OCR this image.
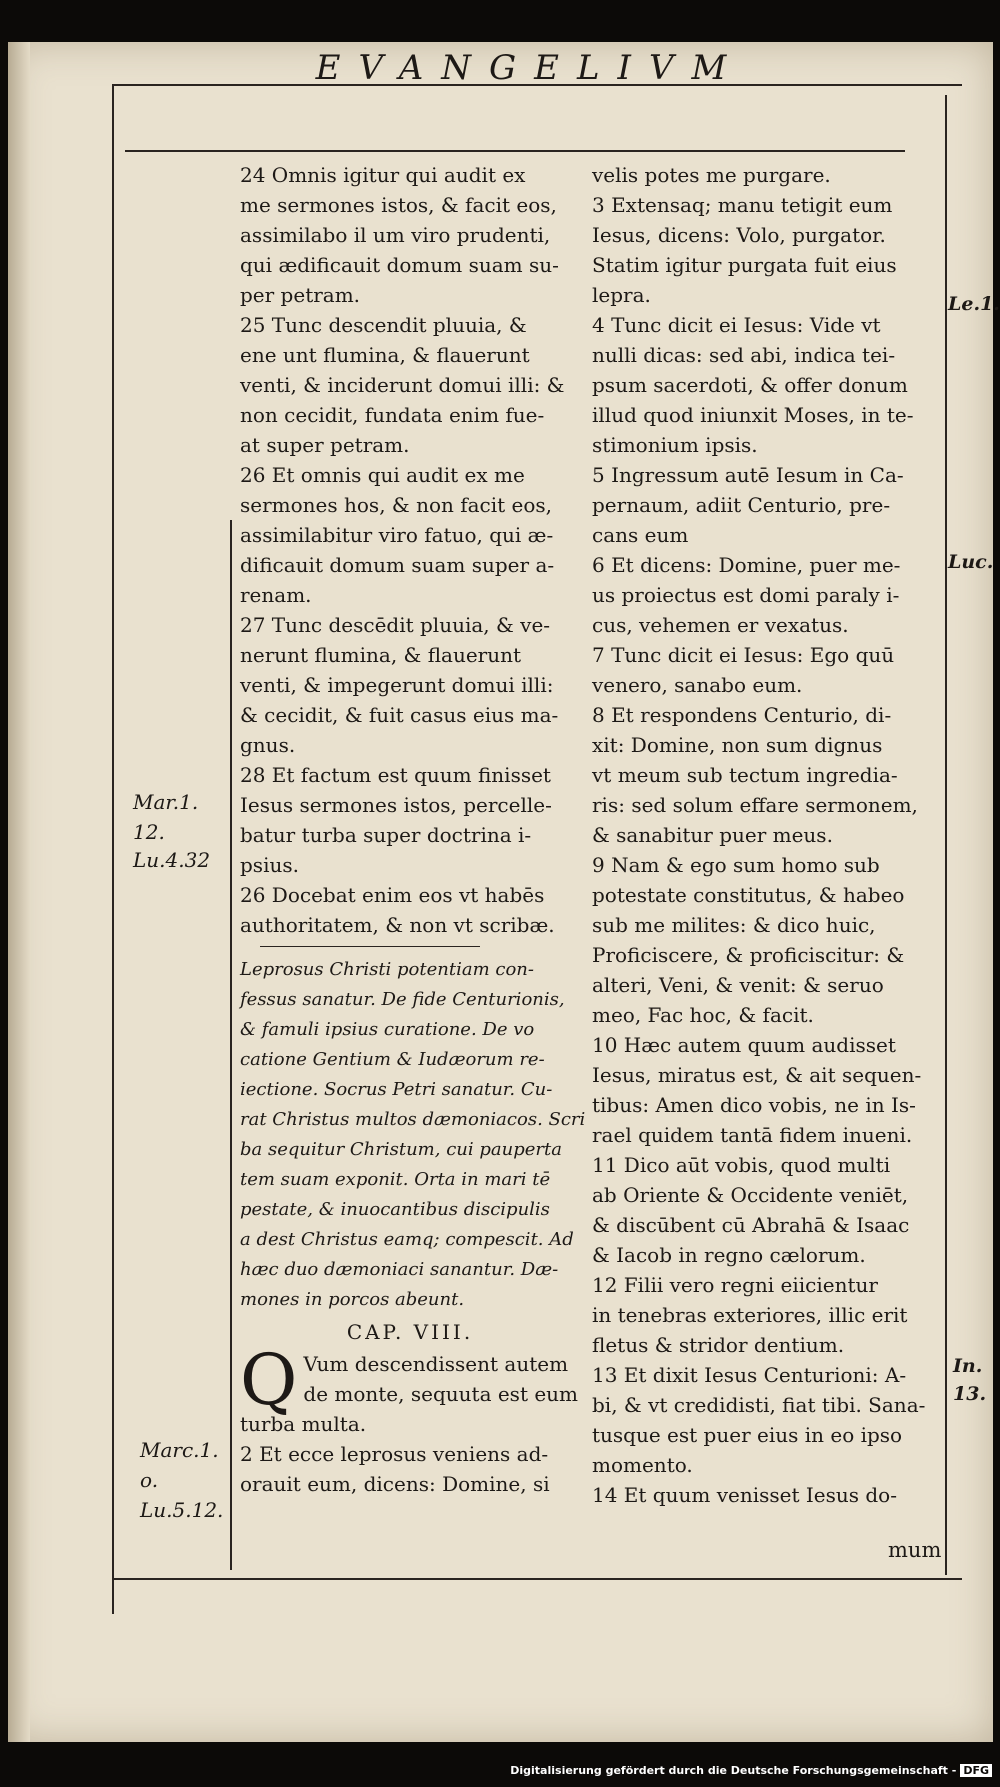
EVANGELIVM
Mar.1.
12.
Lu.4.32
Marc.1.
o.
Lu.5.12.
Le.1.
Luc.
In.
13.
24 Omnis igitur qui audit ex
me sermones istos, & facit eos,
assimilabo il um viro prudenti,
qui ædificauit domum suam su-
per petram.
25 Tunc descendit pluuia, &
ene unt flumina, & flauerunt
venti, & inciderunt domui illi: &
non cecidit, fundata enim fue-
at super petram.
26 Et omnis qui audit ex me
sermones hos, & non facit eos,
assimilabitur viro fatuo, qui æ-
dificauit domum suam super a-
renam.
27 Tunc descēdit pluuia, & ve-
nerunt flumina, & flauerunt
venti, & impegerunt domui illi:
& cecidit, & fuit casus eius ma-
gnus.
28 Et factum est quum finisset
Iesus sermones istos, percelle-
batur turba super doctrina i-
psius.
26 Docebat enim eos vt habēs
authoritatem, & non vt scribæ.
Leprosus Christi potentiam con-
fessus sanatur. De fide Centurionis,
& famuli ipsius curatione. De vo
catione Gentium & Iudæorum re-
iectione. Socrus Petri sanatur. Cu-
rat Christus multos dæmoniacos. Scri
ba sequitur Christum, cui pauperta
tem suam exponit. Orta in mari tē
pestate, & inuocantibus discipulis
a dest Christus eamq; compescit. Ad
hæc duo dæmoniaci sanantur. Dæ-
mones in porcos abeunt.
CAP. VIII.
Q Vum descendissent autem
de monte, sequuta est eum
turba multa.
2 Et ecce leprosus veniens ad-
orauit eum, dicens: Domine, si
velis potes me purgare.
3 Extensaq; manu tetigit eum
Iesus, dicens: Volo, purgator.
Statim igitur purgata fuit eius
lepra.
4 Tunc dicit ei Iesus: Vide vt
nulli dicas: sed abi, indica tei-
psum sacerdoti, & offer donum
illud quod iniunxit Moses, in te-
stimonium ipsis.
5 Ingressum autē Iesum in Ca-
pernaum, adiit Centurio, pre-
cans eum
6 Et dicens: Domine, puer me-
us proiectus est domi paraly i-
cus, vehemen er vexatus.
7 Tunc dicit ei Iesus: Ego quū
venero, sanabo eum.
8 Et respondens Centurio, di-
xit: Domine, non sum dignus
vt meum sub tectum ingredia-
ris: sed solum effare sermonem,
& sanabitur puer meus.
9 Nam & ego sum homo sub
potestate constitutus, & habeo
sub me milites: & dico huic,
Proficiscere, & proficiscitur: &
alteri, Veni, & venit: & seruo
meo, Fac hoc, & facit.
10 Hæc autem quum audisset
Iesus, miratus est, & ait sequen-
tibus: Amen dico vobis, ne in Is-
rael quidem tantā fidem inueni.
11 Dico aūt vobis, quod multi
ab Oriente & Occidente veniēt,
& discūbent cū Abrahā & Isaac
& Iacob in regno cælorum.
12 Filii vero regni eiicientur
in tenebras exteriores, illic erit
fletus & stridor dentium.
13 Et dixit Iesus Centurioni: A-
bi, & vt credidisti, fiat tibi. Sana-
tusque est puer eius in eo ipso
momento.
14 Et quum venisset Iesus do-
mum
Digitalisierung gefördert durch die Deutsche Forschungsgemeinschaft - DFG
